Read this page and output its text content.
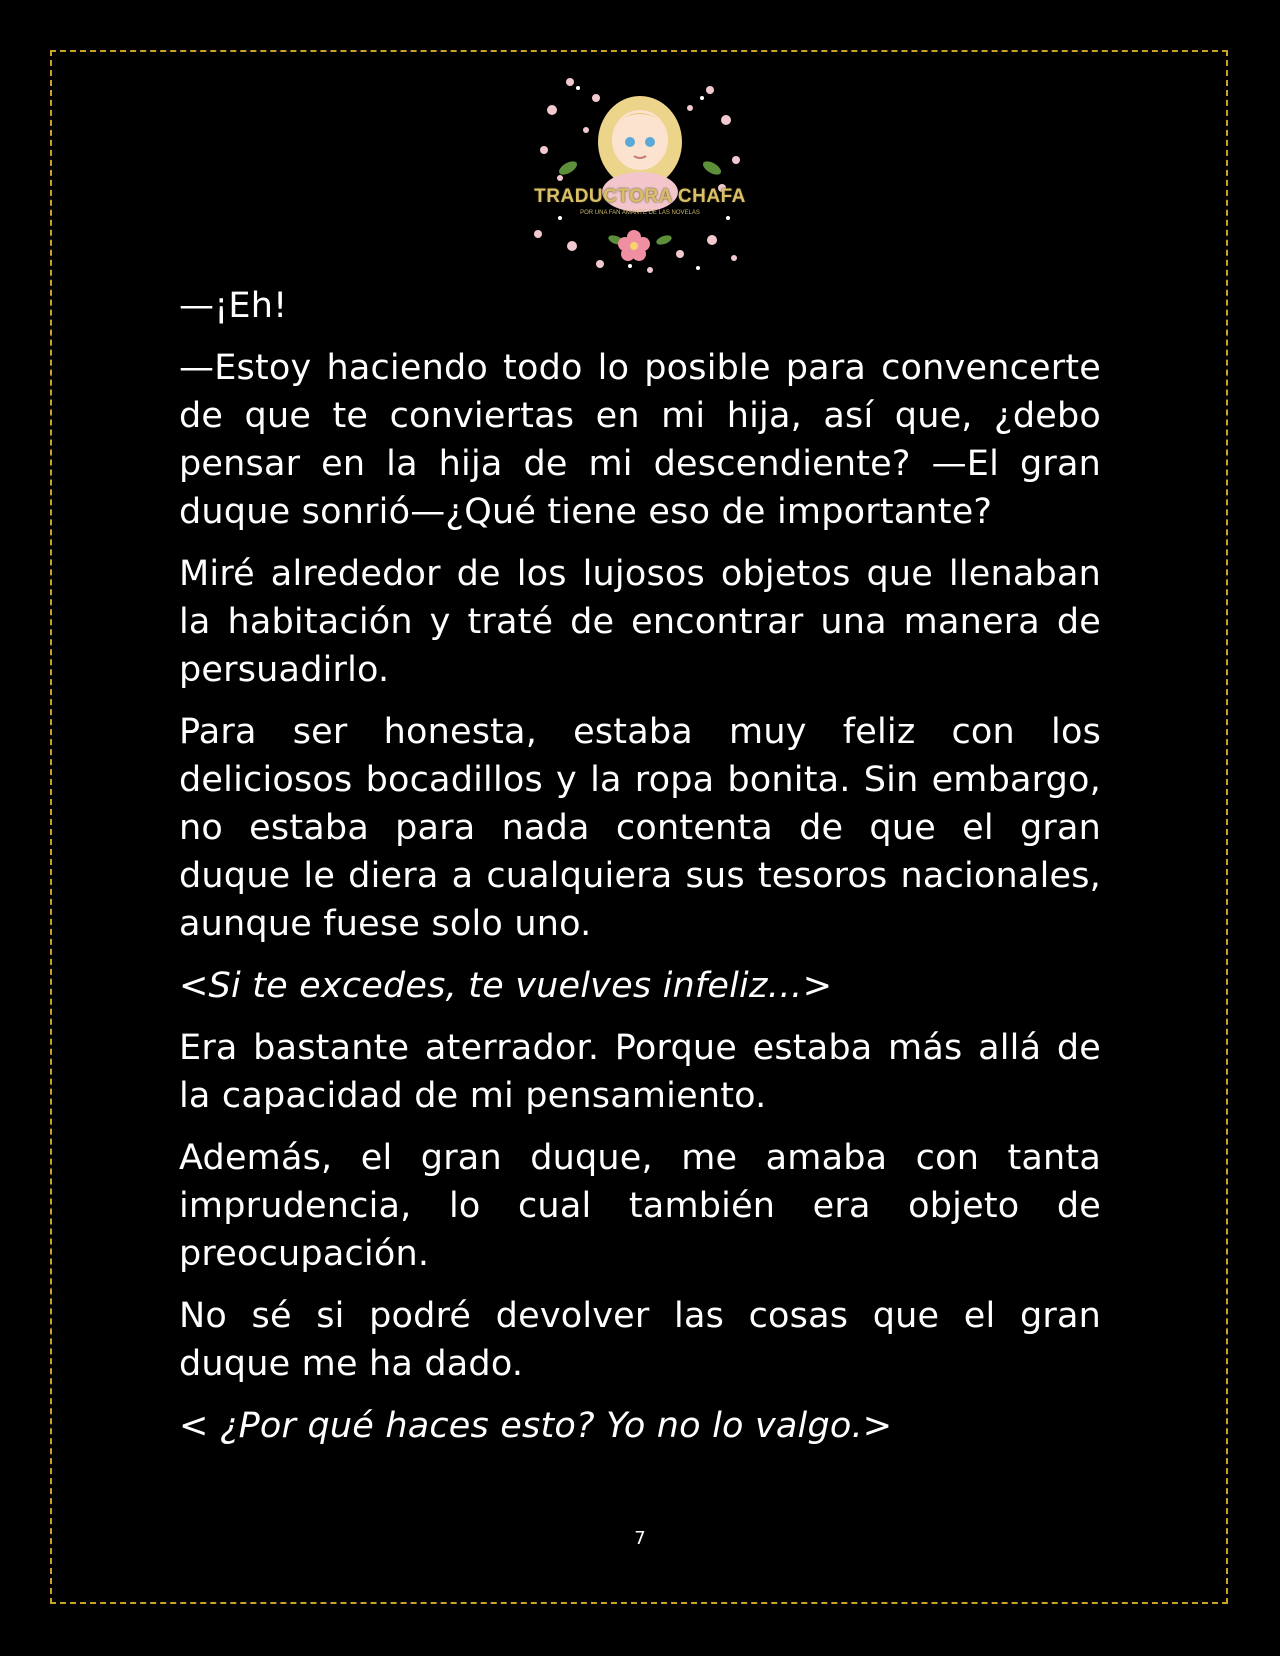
TRADUCTORA CHAFA
POR UNA FAN AMANTE DE LAS NOVELAS

—¡Eh!

—Estoy haciendo todo lo posible para convencerte de que te conviertas en mi hija, así que, ¿debo pensar en la hija de mi descendiente? —El gran duque sonrió—¿Qué tiene eso de importante?

Miré alrededor de los lujosos objetos que llenaban la habitación y traté de encontrar una manera de persuadirlo.

Para ser honesta, estaba muy feliz con los deliciosos bocadillos y la ropa bonita. Sin embargo, no estaba para nada contenta de que el gran duque le diera a cualquiera sus tesoros nacionales, aunque fuese solo uno.

<Si te excedes, te vuelves infeliz…>

Era bastante aterrador. Porque estaba más allá de la capacidad de mi pensamiento.

Además, el gran duque, me amaba con tanta imprudencia, lo cual también era objeto de preocupación.

No sé si podré devolver las cosas que el gran duque me ha dado.

< ¿Por qué haces esto? Yo no lo valgo.>

7
